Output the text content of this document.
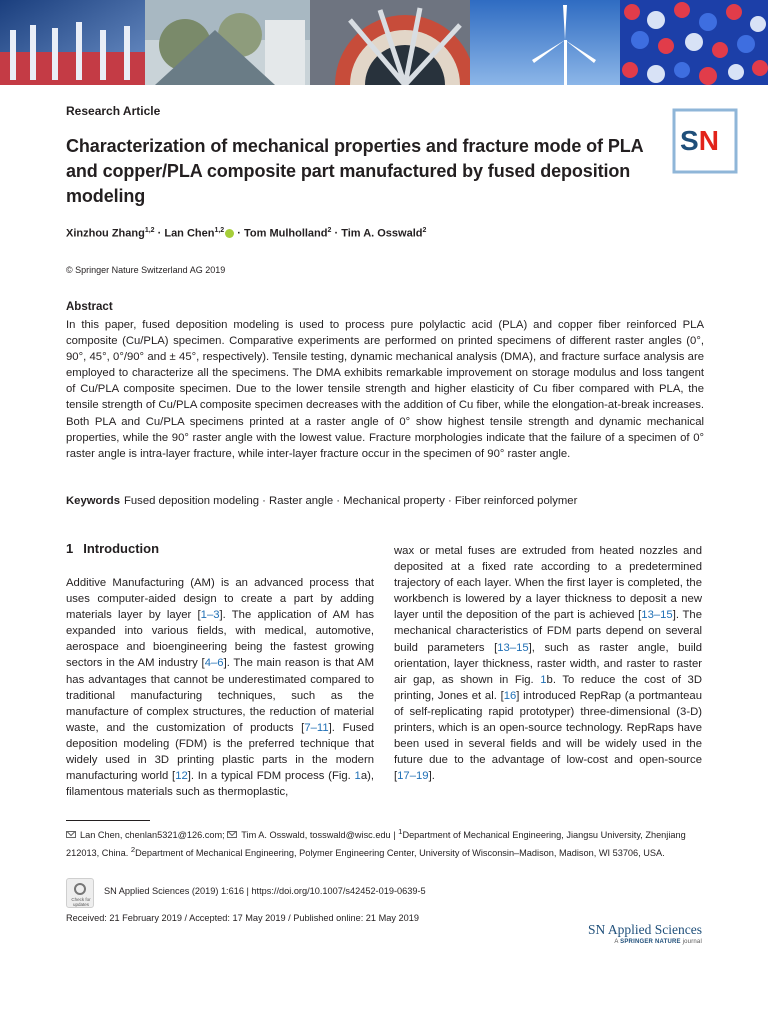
SN
Research Article
Characterization of mechanical properties and fracture mode of PLA and copper/PLA composite part manufactured by fused deposition modeling
Xinzhou Zhang$^{1,2}$ · Lan Chen$^{1,2}$ · Tom Mulholland$^2$ · Tim A. Osswald$^2$
© Springer Nature Switzerland AG 2019
Abstract

In this paper, fused deposition modeling is used to process pure polylactic acid (PLA) and copper fiber reinforced PLA composite (Cu/PLA) specimen. Comparative experiments are performed on printed specimens of different raster angles (0°, 90°, 45°, 0°/90° and ± 45°, respectively). Tensile testing, dynamic mechanical analysis (DMA), and fracture surface analysis are employed to characterize all the specimens. The DMA exhibits remarkable improvement on storage modulus and loss tangent of Cu/PLA composite specimen. Due to the lower tensile strength and higher elasticity of Cu fiber compared with PLA, the tensile strength of Cu/PLA composite specimen decreases with the addition of Cu fiber, while the elongation-at-break increases. Both PLA and Cu/PLA specimens printed at a raster angle of 0° show highest tensile strength and dynamic mechanical properties, while the 90° raster angle with the lowest value. Fracture morphologies indicate that the failure of a specimen of 0° raster angle is intra-layer fracture, while inter-layer fracture occur in the specimen of 90° raster angle.

Keywords Fused deposition modeling · Raster angle · Mechanical property · Fiber reinforced polymer
1 Introduction

Additive Manufacturing (AM) is an advanced process that uses computer-aided design to create a part by adding materials layer by layer [1–3]. The application of AM has expanded into various fields, with medical, automotive, aerospace and bioengineering being the fastest growing sectors in the AM industry [4–6]. The main reason is that AM has advantages that cannot be underestimated compared to traditional manufacturing techniques, such as the manufacture of complex structures, the reduction of material waste, and the customization of products [7–11]. Fused deposition modeling (FDM) is the preferred technique that widely used in 3D printing plastic parts in the modern manufacturing world [12]. In a typical FDM process (Fig. 1a), filamentous materials such as thermoplastic,

wax or metal fuses are extruded from heated nozzles and deposited at a fixed rate according to a predetermined trajectory of each layer. When the first layer is completed, the workbench is lowered by a layer thickness to deposit a new layer until the deposition of the part is achieved [13–15]. The mechanical characteristics of FDM parts depend on several build parameters [13–15], such as raster angle, build orientation, layer thickness, raster width, and raster to raster air gap, as shown in Fig. 1b. To reduce the cost of 3D printing, Jones et al. [16] introduced RepRap (a portmanteau of self-replicating rapid prototyper) three-dimensional (3-D) printers, which is an open-source technology. RepRaps have been used in several fields and will be widely used in the future due to the advantage of low-cost and open-source [17–19].

Lan Chen, chenlan5321@126.com; Tim A. Osswald, tosswald@wisc.edu | $^1$Department of Mechanical Engineering, Jiangsu University, Zhenjiang 212013, China. $^2$Department of Mechanical Engineering, Polymer Engineering Center, University of Wisconsin–Madison, Madison, WI 53706, USA.

Check for updates
SN Applied Sciences (2019) 1:616 | https://doi.org/10.1007/s42452-019-0639-5
Received: 21 February 2019 / Accepted: 17 May 2019 / Published online: 21 May 2019
SN Applied Sciences
A SPRINGER NATURE journal
